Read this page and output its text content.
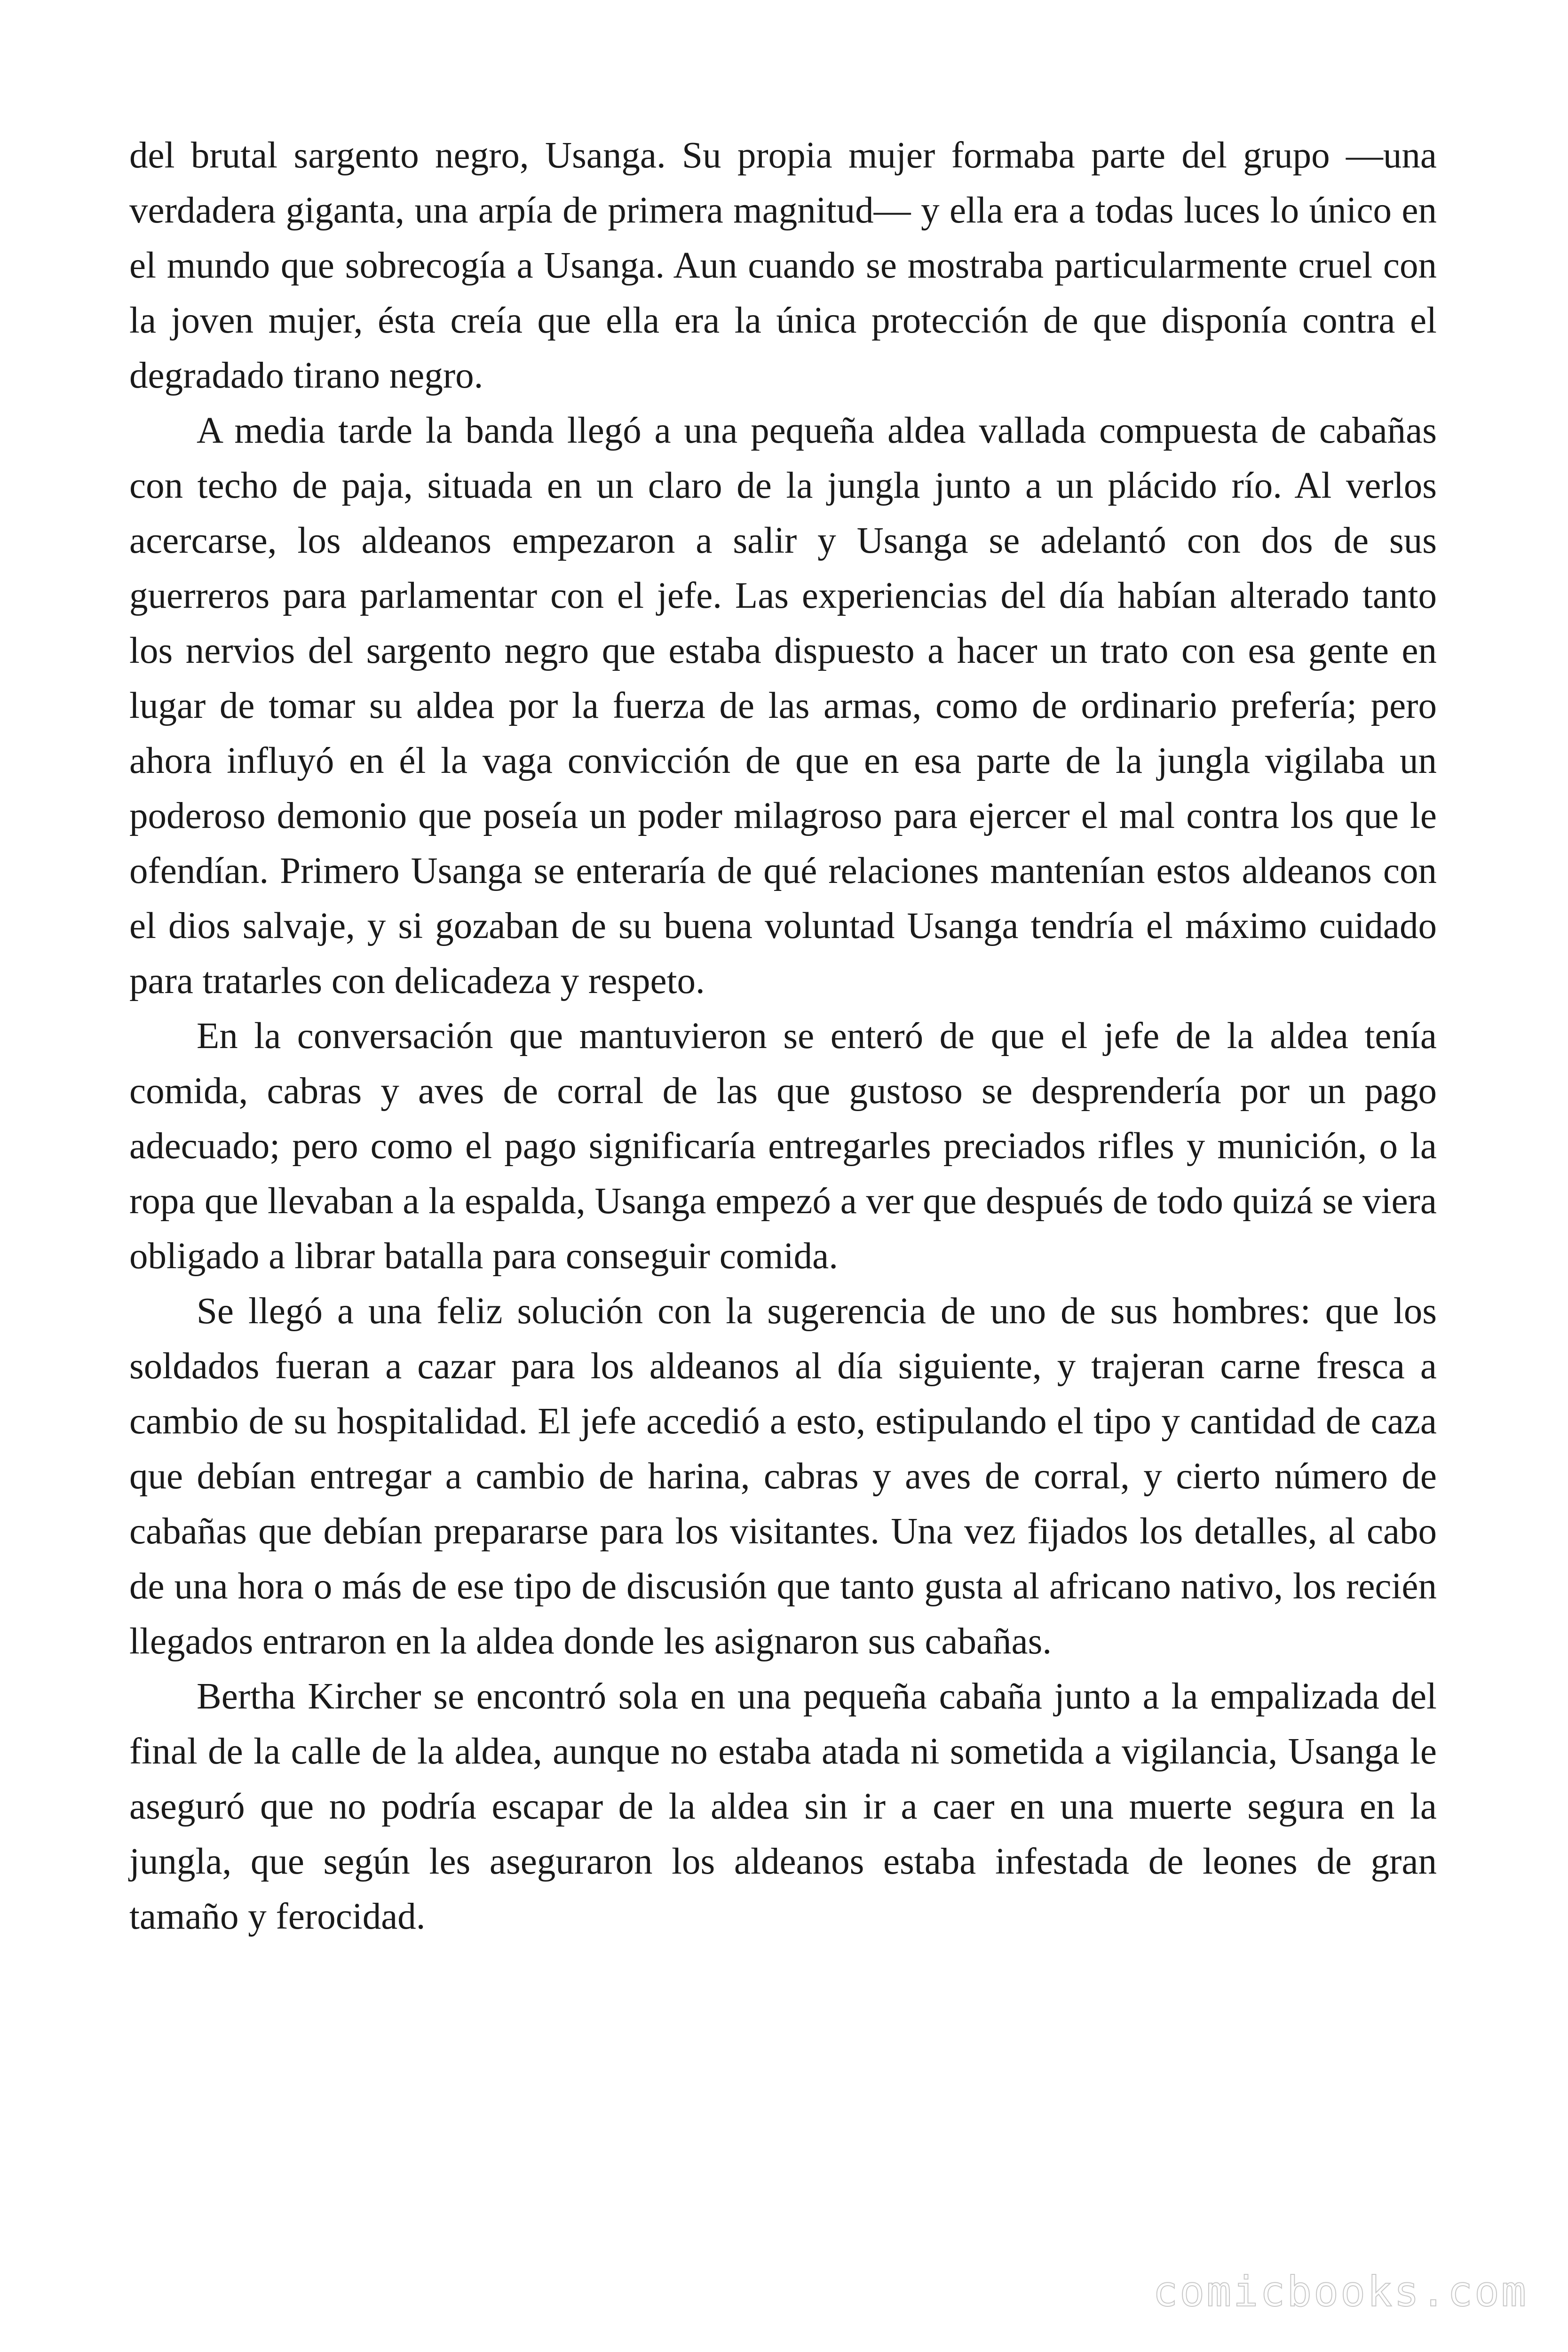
del brutal sargento negro, Usanga. Su propia mujer formaba parte del grupo —una verdadera giganta, una arpía de primera magnitud— y ella era a todas luces lo único en el mundo que sobrecogía a Usanga. Aun cuando se mostraba particularmente cruel con la joven mujer, ésta creía que ella era la única protección de que disponía contra el degradado tirano negro.

A media tarde la banda llegó a una pequeña aldea vallada compuesta de cabañas con techo de paja, situada en un claro de la jungla junto a un plácido río. Al verlos acercarse, los aldeanos empezaron a salir y Usanga se adelantó con dos de sus guerreros para parlamentar con el jefe. Las experiencias del día habían alterado tanto los nervios del sargento negro que estaba dispuesto a hacer un trato con esa gente en lugar de tomar su aldea por la fuerza de las armas, como de ordinario prefería; pero ahora influyó en él la vaga convicción de que en esa parte de la jungla vigilaba un poderoso demonio que poseía un poder milagroso para ejercer el mal contra los que le ofendían. Primero Usanga se enteraría de qué relaciones mantenían estos aldeanos con el dios salvaje, y si gozaban de su buena voluntad Usanga tendría el máximo cuidado para tratarles con delicadeza y respeto.

En la conversación que mantuvieron se enteró de que el jefe de la aldea tenía comida, cabras y aves de corral de las que gustoso se desprendería por un pago adecuado; pero como el pago significaría entregarles preciados rifles y munición, o la ropa que llevaban a la espalda, Usanga empezó a ver que después de todo quizá se viera obligado a librar batalla para conseguir comida.

Se llegó a una feliz solución con la sugerencia de uno de sus hombres: que los soldados fueran a cazar para los aldeanos al día siguiente, y trajeran carne fresca a cambio de su hospitalidad. El jefe accedió a esto, estipulando el tipo y cantidad de caza que debían entregar a cambio de harina, cabras y aves de corral, y cierto número de cabañas que debían prepararse para los visitantes. Una vez fijados los detalles, al cabo de una hora o más de ese tipo de discusión que tanto gusta al africano nativo, los recién llegados entraron en la aldea donde les asignaron sus cabañas.

Bertha Kircher se encontró sola en una pequeña cabaña junto a la empalizada del final de la calle de la aldea, aunque no estaba atada ni sometida a vigilancia, Usanga le aseguró que no podría escapar de la aldea sin ir a caer en una muerte segura en la jungla, que según les aseguraron los aldeanos estaba infestada de leones de gran tamaño y ferocidad.

comicbooks.com
